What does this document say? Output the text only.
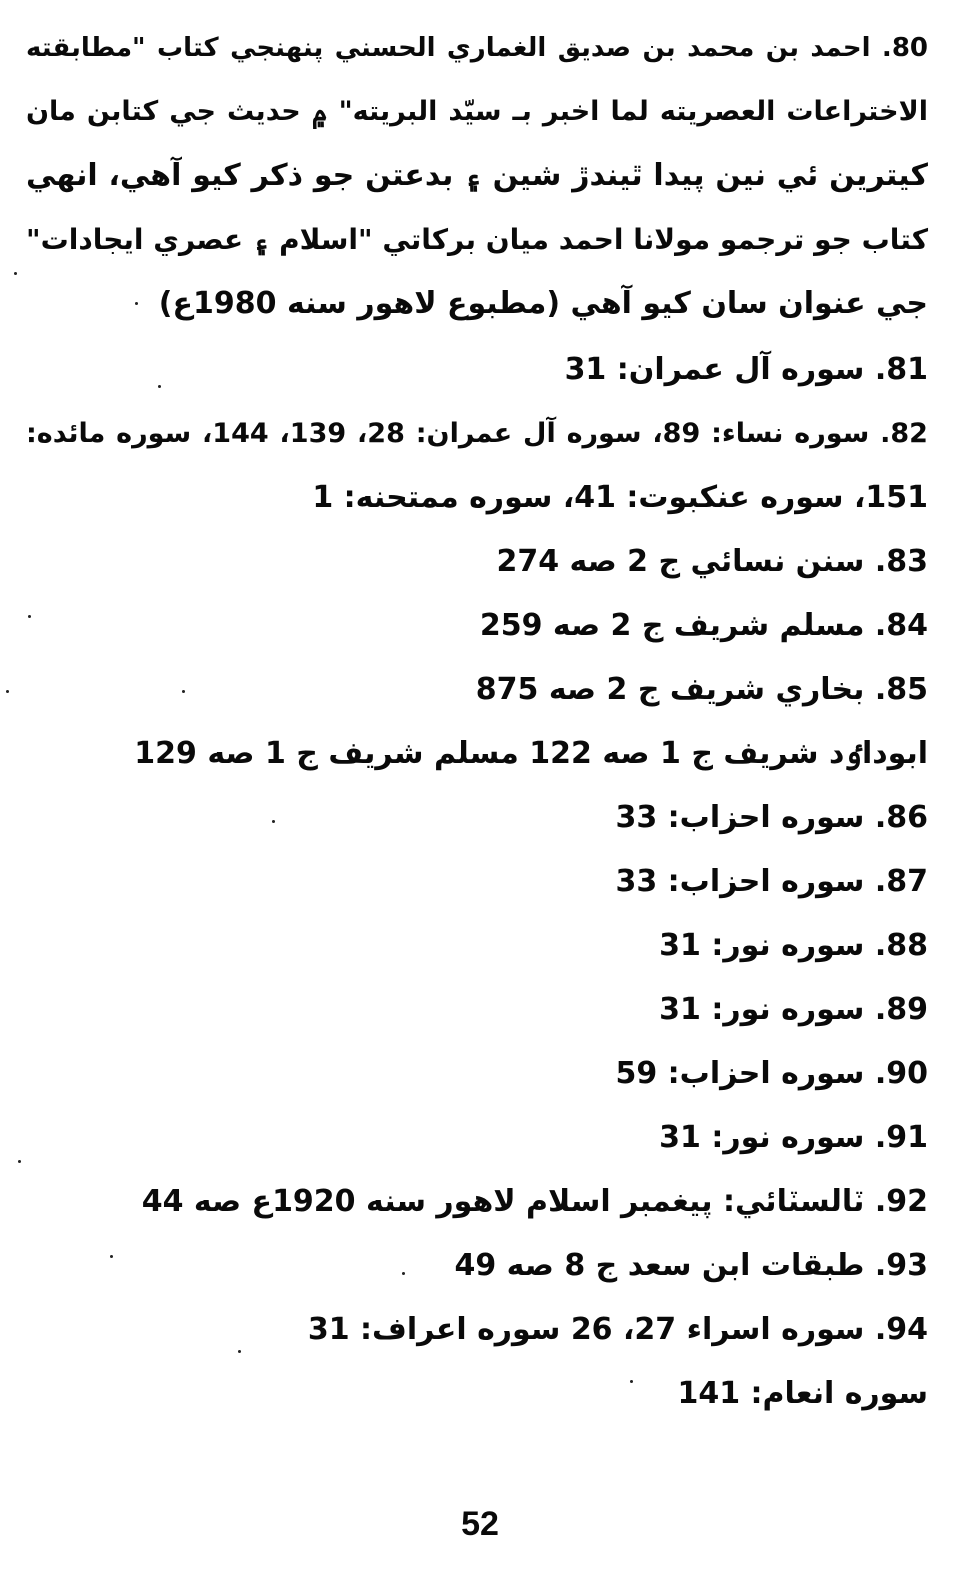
80. احمد بن محمد بن صديق الغماري الحسني پنهنجي كتاب "مطابقته
الاختراعات العصريته لما اخبر بـ سيّد البريته" ۾ حديث جي كتابن مان
كيترين ئي نين پيدا ٿيندڙ شين ۽ بدعتن جو ذكر كيو آهي، انهي
كتاب جو ترجمو مولانا احمد ميان بركاتي "اسلام ۽ عصري ايجادات"
جي عنوان سان كيو آهي (مطبوع لاهور سنه 1980ع)
81. سوره آل عمران: 31
82. سوره نساء: 89، سوره آل عمران: 28، 139، 144، سوره مائده:
151، سوره عنكبوت: 41، سوره ممتحنه: 1
83. سنن نسائي ج 2 صه 274
84. مسلم شريف ج 2 صه 259
85. بخاري شريف ج 2 صه 875
ابوداٶد شريف ج 1 صه 122 مسلم شريف ج 1 صه 129
86. سوره احزاب: 33
87. سوره احزاب: 33
88. سوره نور: 31
89. سوره نور: 31
90. سوره احزاب: 59
91. سوره نور: 31
92. ٽالسٽائي: پيغمبر اسلام لاهور سنه 1920ع صه 44
93. طبقات ابن سعد ج 8 صه 49
94. سوره اسراء 27، 26 سوره اعراف: 31
سوره انعام: 141
52
